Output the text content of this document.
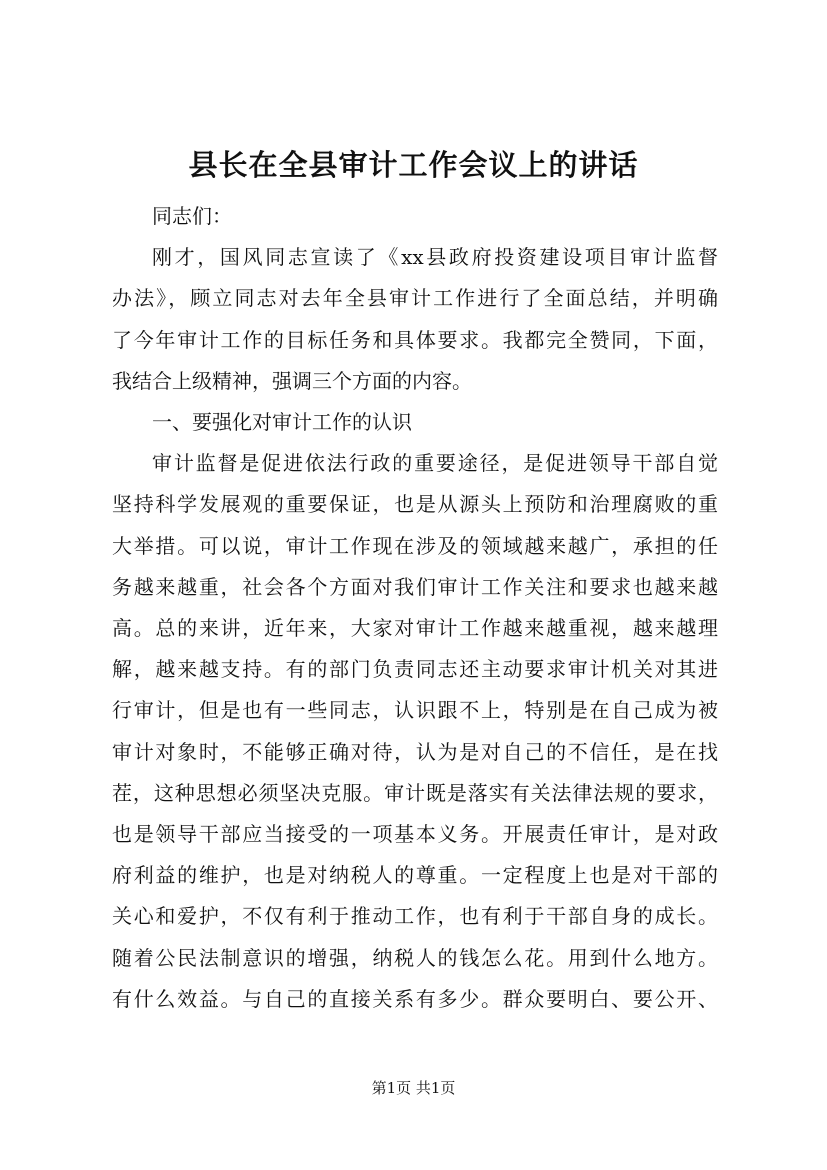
县长在全县审计工作会议上的讲话
同志们：
刚才，国风同志宣读了《xx县政府投资建设项目审计监督
办法》，顾立同志对去年全县审计工作进行了全面总结，并明确
了今年审计工作的目标任务和具体要求。我都完全赞同，下面，
我结合上级精神，强调三个方面的内容。
一、要强化对审计工作的认识
审计监督是促进依法行政的重要途径，是促进领导干部自觉
坚持科学发展观的重要保证，也是从源头上预防和治理腐败的重
大举措。可以说，审计工作现在涉及的领域越来越广，承担的任
务越来越重，社会各个方面对我们审计工作关注和要求也越来越
高。总的来讲，近年来，大家对审计工作越来越重视，越来越理
解，越来越支持。有的部门负责同志还主动要求审计机关对其进
行审计，但是也有一些同志，认识跟不上，特别是在自己成为被
审计对象时，不能够正确对待，认为是对自己的不信任，是在找
茬，这种思想必须坚决克服。审计既是落实有关法律法规的要求，
也是领导干部应当接受的一项基本义务。开展责任审计，是对政
府利益的维护，也是对纳税人的尊重。一定程度上也是对干部的
关心和爱护，不仅有利于推动工作，也有利于干部自身的成长。
随着公民法制意识的增强，纳税人的钱怎么花。用到什么地方。
有什么效益。与自己的直接关系有多少。群众要明白、要公开、
第1页 共1页
